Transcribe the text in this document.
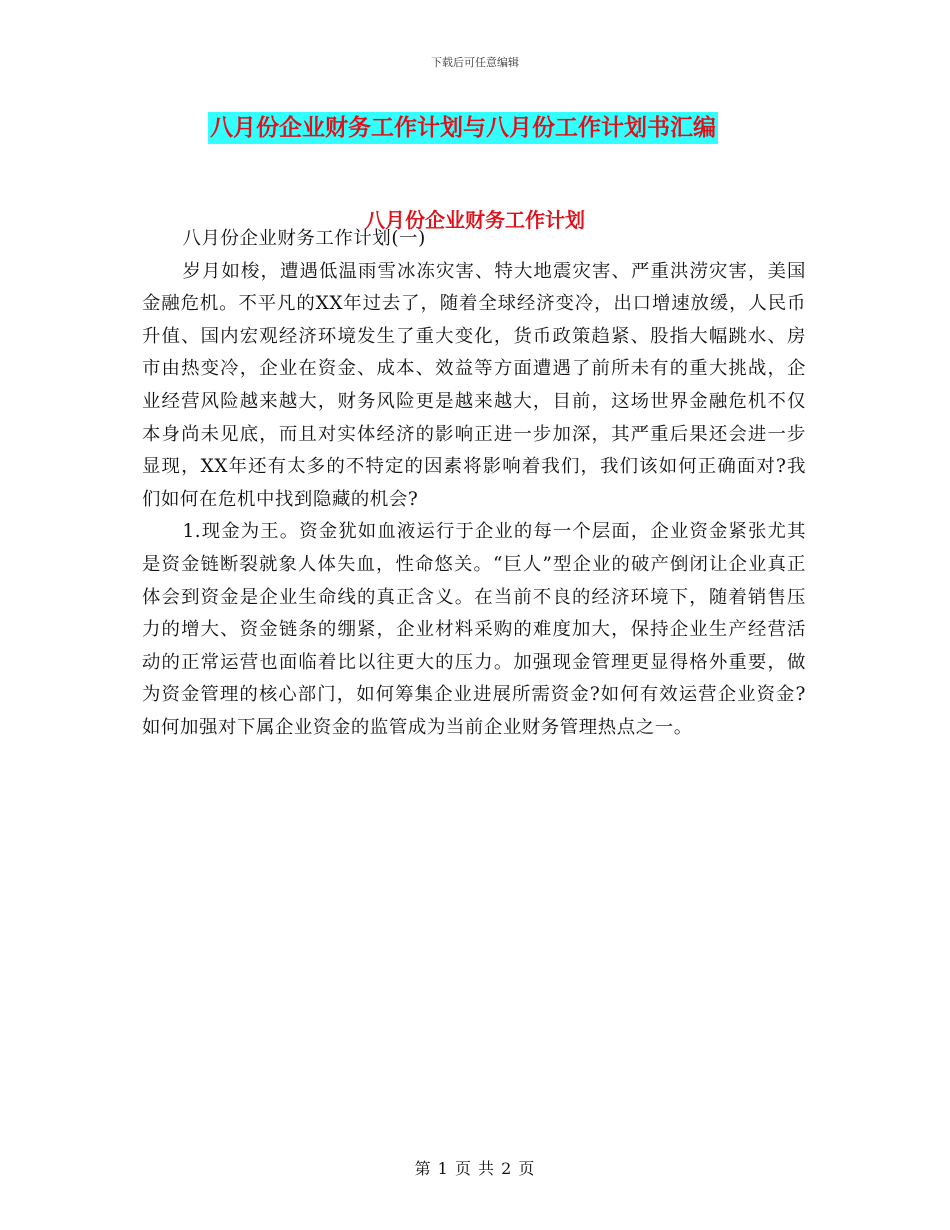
下载后可任意编辑
八月份企业财务工作计划与八月份工作计划书汇编
八月份企业财务工作计划

八月份企业财务工作计划(一)

岁月如梭，遭遇低温雨雪冰冻灾害、特大地震灾害、严重洪涝灾害，美国金融危机。不平凡的XX年过去了，随着全球经济变冷，出口增速放缓，人民币升值、国内宏观经济环境发生了重大变化，货币政策趋紧、股指大幅跳水、房市由热变冷，企业在资金、成本、效益等方面遭遇了前所未有的重大挑战，企业经营风险越来越大，财务风险更是越来越大，目前，这场世界金融危机不仅本身尚未见底，而且对实体经济的影响正进一步加深，其严重后果还会进一步显现，XX年还有太多的不特定的因素将影响着我们，我们该如何正确面对?我们如何在危机中找到隐藏的机会?

1.现金为王。资金犹如血液运行于企业的每一个层面，企业资金紧张尤其是资金链断裂就象人体失血，性命悠关。“巨人”型企业的破产倒闭让企业真正体会到资金是企业生命线的真正含义。在当前不良的经济环境下，随着销售压力的增大、资金链条的绷紧，企业材料采购的难度加大，保持企业生产经营活动的正常运营也面临着比以往更大的压力。加强现金管理更显得格外重要，做为资金管理的核心部门，如何筹集企业进展所需资金?如何有效运营企业资金?如何加强对下属企业资金的监管成为当前企业财务管理热点之一。

第 1 页 共 2 页
